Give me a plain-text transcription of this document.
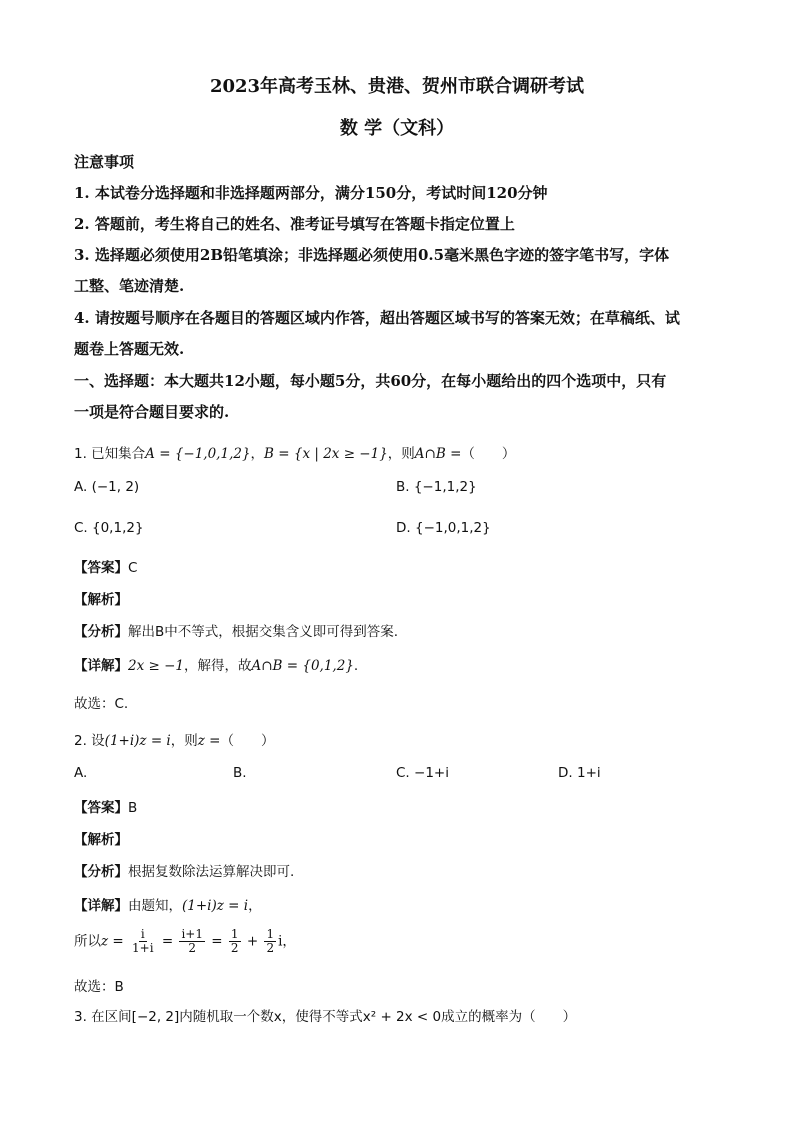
2023年高考玉林、贵港、贺州市联合调研考试
数 学（文科）
注意事项
1. 本试卷分选择题和非选择题两部分，满分150分，考试时间120分钟
2. 答题前，考生将自己的姓名、准考证号填写在答题卡指定位置上
3. 选择题必须使用2B铅笔填涂；非选择题必须使用0.5毫米黑色字迹的签字笔书写，字体
工整、笔迹清楚.
4. 请按题号顺序在各题目的答题区域内作答，超出答题区域书写的答案无效；在草稿纸、试
题卷上答题无效.
一、选择题：本大题共12小题，每小题5分，共60分，在每小题给出的四个选项中，只有
一项是符合题目要求的.
1. 已知集合A = {−1,0,1,2}，B = {x | 2x ≥ −1}，则A∩B =（　　）
A. (−1, 2)	B. {−1,1,2}
C. {0,1,2}	D. {−1,0,1,2}
【答案】C
【解析】
【分析】解出B中不等式，根据交集含义即可得到答案.
【详解】2x ≥ −1，解得，故A∩B = {0,1,2}.
故选：C.
2. 设(1+i)z = i，则z =（　　）
A.	B.	C. −1+i	D. 1+i
【答案】B
【解析】
【分析】根据复数除法运算解决即可.
【详解】由题知，(1+i)z = i，
所以$z = \frac{i}{1+i} = \frac{i+1}{2} = \frac{1}{2} + \frac{1}{2}$ i，
故选：B
3. 在区间[−2, 2]内随机取一个数x，使得不等式x² + 2x < 0成立的概率为（　　）
